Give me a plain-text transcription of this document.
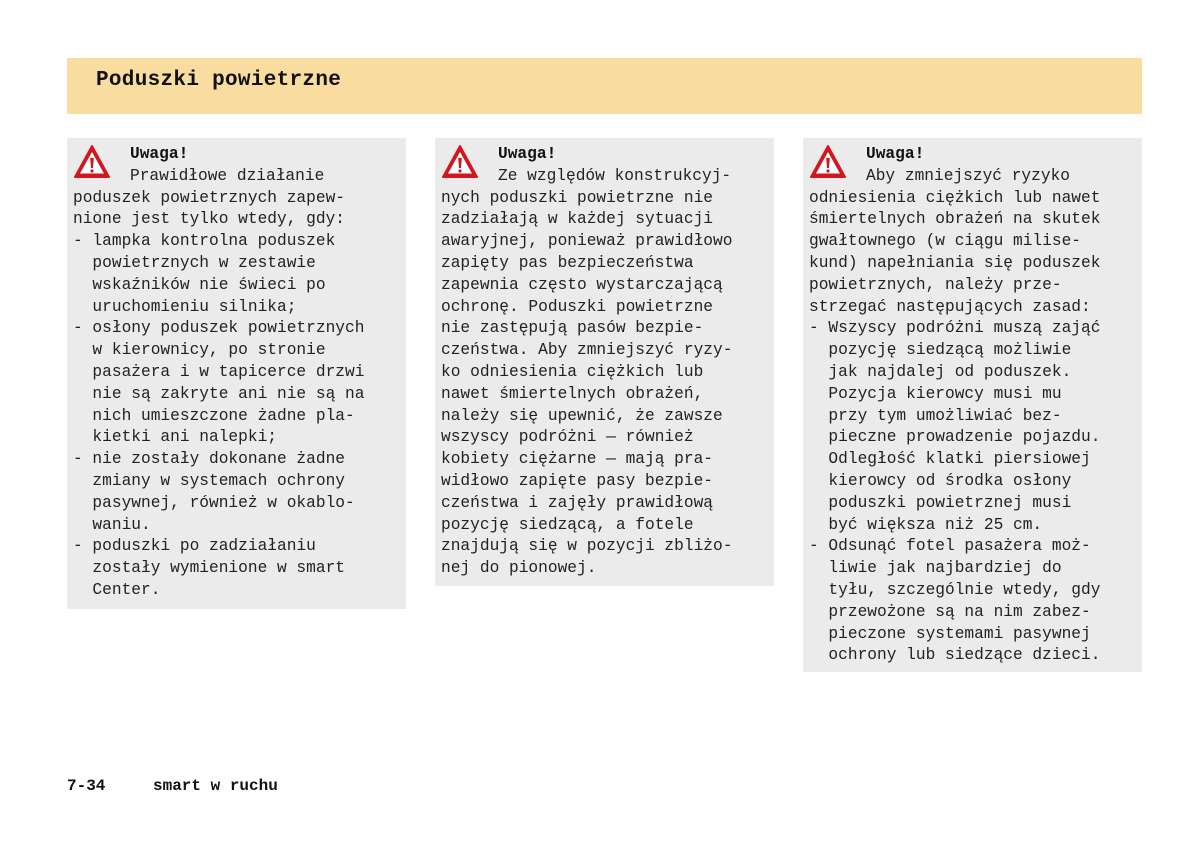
Poduszki powietrzne
Uwaga!
Prawidłowe działanie
poduszek powietrznych zapew-
nione jest tylko wtedy, gdy:
- lampka kontrolna poduszek
powietrznych w zestawie
wskaźników nie świeci po
uruchomieniu silnika;
- osłony poduszek powietrznych
w kierownicy, po stronie
pasażera i w tapicerce drzwi
nie są zakryte ani nie są na
nich umieszczone żadne pla-
kietki ani nalepki;
- nie zostały dokonane żadne
zmiany w systemach ochrony
pasywnej, również w okablo-
waniu.
- poduszki po zadziałaniu
zostały wymienione w smart
Center.
Uwaga!
Ze względów konstrukcyj-
nych poduszki powietrzne nie
zadziałają w każdej sytuacji
awaryjnej, ponieważ prawidłowo
zapięty pas bezpieczeństwa
zapewnia często wystarczającą
ochronę. Poduszki powietrzne
nie zastępują pasów bezpie-
czeństwa. Aby zmniejszyć ryzy-
ko odniesienia ciężkich lub
nawet śmiertelnych obrażeń,
należy się upewnić, że zawsze
wszyscy podróżni — również
kobiety ciężarne — mają pra-
widłowo zapięte pasy bezpie-
czeństwa i zajęły prawidłową
pozycję siedzącą, a fotele
znajdują się w pozycji zbliżo-
nej do pionowej.
Uwaga!
Aby zmniejszyć ryzyko
odniesienia ciężkich lub nawet
śmiertelnych obrażeń na skutek
gwałtownego (w ciągu milise-
kund) napełniania się poduszek
powietrznych, należy prze-
strzegać następujących zasad:
- Wszyscy podróżni muszą zająć
pozycję siedzącą możliwie
jak najdalej od poduszek.
Pozycja kierowcy musi mu
przy tym umożliwiać bez-
pieczne prowadzenie pojazdu.
Odległość klatki piersiowej
kierowcy od środka osłony
poduszki powietrznej musi
być większa niż 25 cm.
- Odsunąć fotel pasażera moż-
liwie jak najbardziej do
tyłu, szczególnie wtedy, gdy
przewożone są na nim zabez-
pieczone systemami pasywnej
ochrony lub siedzące dzieci.
7-34	smart w ruchu
